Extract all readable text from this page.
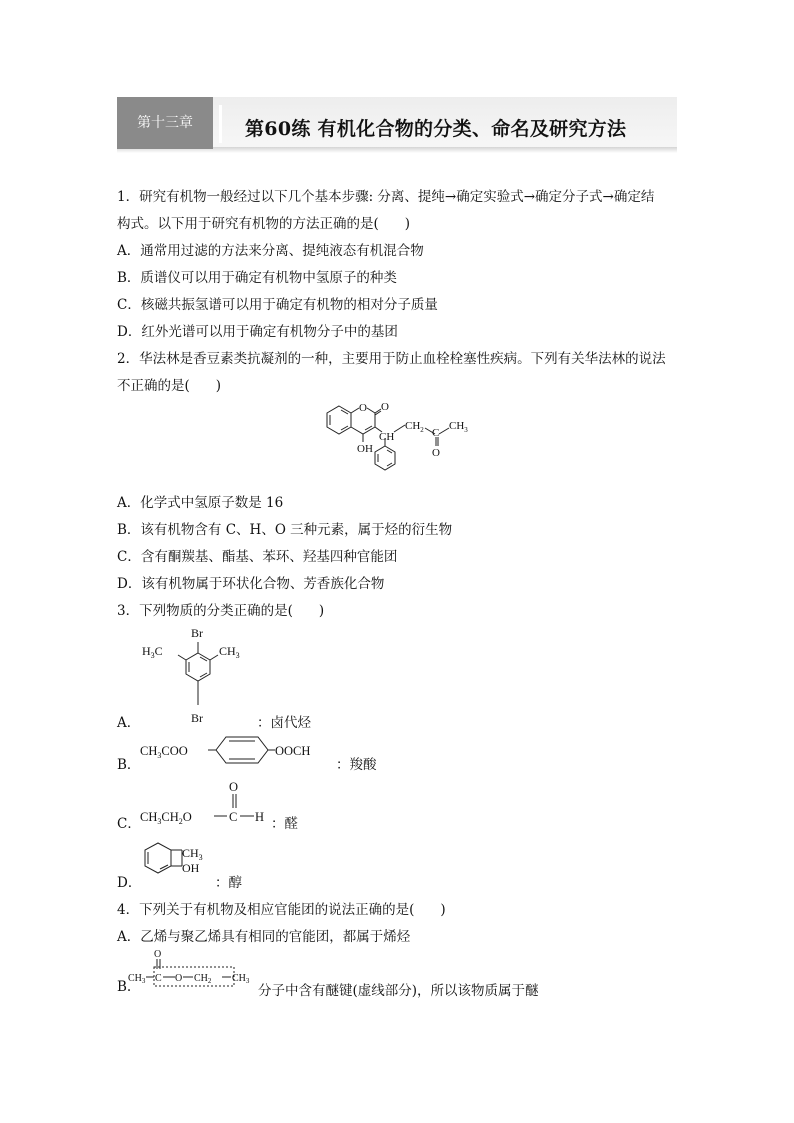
第十三章	第60练 有机化合物的分类、命名及研究方法
1．研究有机物一般经过以下几个基本步骤: 分离、提纯→确定实验式→确定分子式→确定结
构式。以下用于研究有机物的方法正确的是( )
A．通常用过滤的方法来分离、提纯液态有机混合物
B．质谱仪可以用于确定有机物中氢原子的种类
C．核磁共振氢谱可以用于确定有机物的相对分子质量
D．红外光谱可以用于确定有机物分子中的基团
2．华法林是香豆素类抗凝剂的一种，主要用于防止血栓栓塞性疾病。下列有关华法林的说法
不正确的是( )
O O
OH
CH
$CH_2$ C
$CH_3$
O
A．化学式中氢原子数是 16
B．该有机物含有 C、H、O 三种元素，属于烃的衍生物
C．含有酮羰基、酯基、苯环、羟基四种官能团
D．该有机物属于环状化合物、芳香族化合物
3．下列物质的分类正确的是( )
A．
Br
$H_3C$	$CH_3$
Br	：卤代烃
B．
$CH_3COO$	OOCH
：羧酸
C． $CH_3CH_2O$	C H
O
：醛
D．
$CH_3$
OH
：醇
4．下列关于有机物及相应官能团的说法正确的是( )
A．乙烯与聚乙烯具有相同的官能团，都属于烯烃
B.
O
$CH_3$ C O $CH_2$ $CH_3$
分子中含有醚键(虚线部分)，所以该物质属于醚
